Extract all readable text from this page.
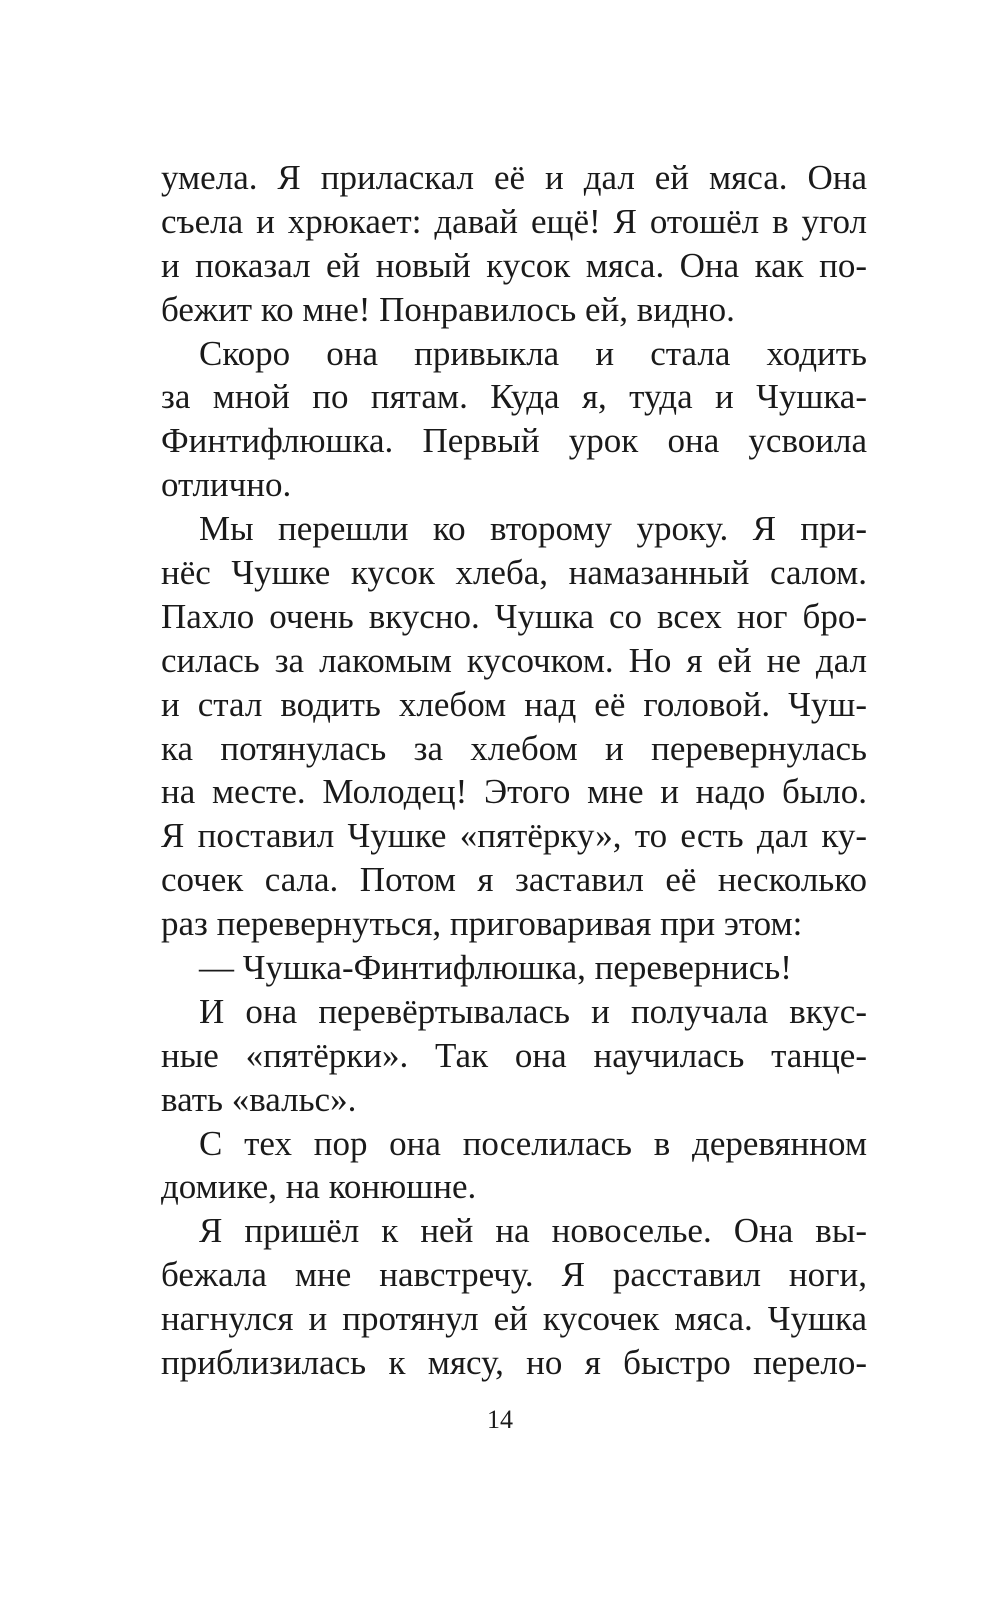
умела. Я приласкал её и дал ей мяса. Она
съела и хрюкает: давай ещё! Я отошёл в угол
и показал ей новый кусок мяса. Она как по-
бежит ко мне! Понравилось ей, видно.
Скоро она привыкла и стала ходить
за мной по пятам. Куда я, туда и Чушка-
Финтифлюшка. Первый урок она усвоила
отлично.
Мы перешли ко второму уроку. Я при-
нёс Чушке кусок хлеба, намазанный салом.
Пахло очень вкусно. Чушка со всех ног бро-
силась за лакомым кусочком. Но я ей не дал
и стал водить хлебом над её головой. Чуш-
ка потянулась за хлебом и перевернулась
на месте. Молодец! Этого мне и надо было.
Я поставил Чушке «пятёрку», то есть дал ку-
сочек сала. Потом я заставил её несколько
раз перевернуться, приговаривая при этом:
— Чушка-Финтифлюшка, перевернись!
И она перевёртывалась и получала вкус-
ные «пятёрки». Так она научилась танце-
вать «вальс».
С тех пор она поселилась в деревянном
домике, на конюшне.
Я пришёл к ней на новоселье. Она вы-
бежала мне навстречу. Я расставил ноги,
нагнулся и протянул ей кусочек мяса. Чушка
приблизилась к мясу, но я быстро перело-
14
